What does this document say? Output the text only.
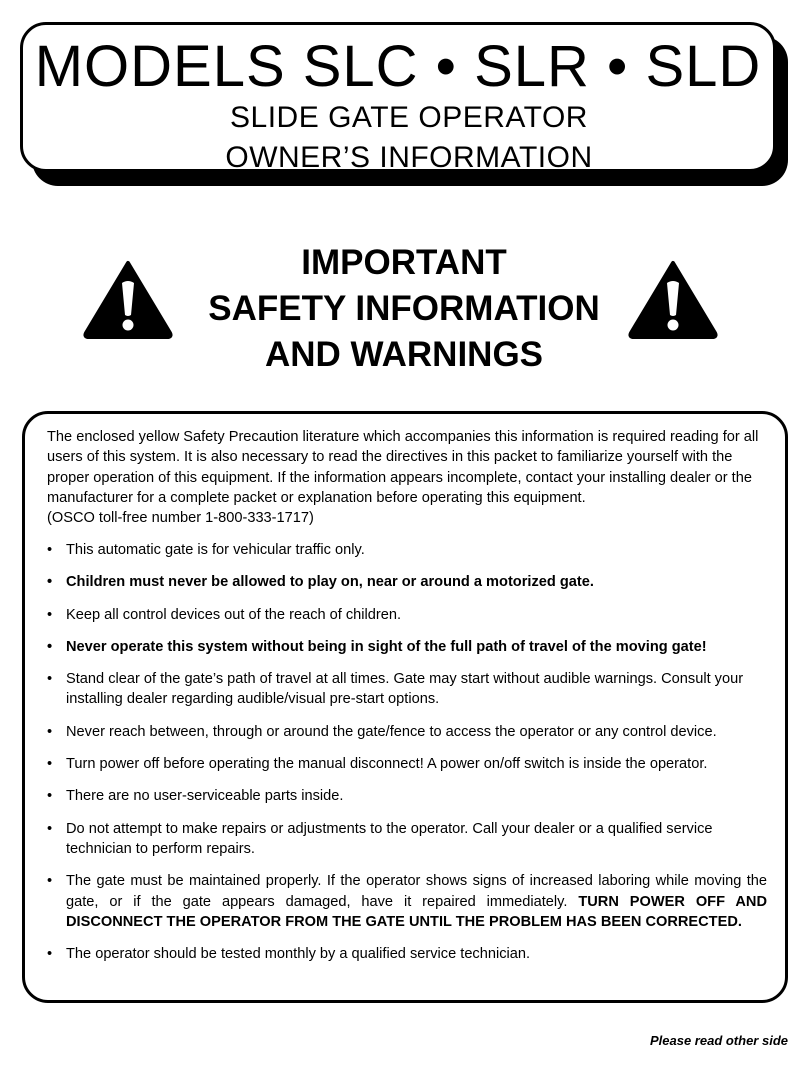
MODELS SLC • SLR • SLD
SLIDE GATE OPERATOR
OWNER’S INFORMATION
IMPORTANT
SAFETY INFORMATION
AND WARNINGS
The enclosed yellow Safety Precaution literature which accompanies this information is required reading for all users of this system. It is also necessary to read the directives in this packet to familiarize yourself with the proper operation of this equipment. If the information appears incomplete, contact your installing dealer or the manufacturer for a complete packet or explanation before operating this equipment.
(OSCO toll-free number 1-800-333-1717)
• This automatic gate is for vehicular traffic only.
• Children must never be allowed to play on, near or around a motorized gate.
• Keep all control devices out of the reach of children.
• Never operate this system without being in sight of the full path of travel of the moving gate!
• Stand clear of the gate’s path of travel at all times. Gate may start without audible warnings. Consult your installing dealer regarding audible/visual pre-start options.
• Never reach between, through or around the gate/fence to access the operator or any control device.
• Turn power off before operating the manual disconnect! A power on/off switch is inside the operator.
• There are no user-serviceable parts inside.
• Do not attempt to make repairs or adjustments to the operator. Call your dealer or a qualified service technician to perform repairs.
• The gate must be maintained properly. If the operator shows signs of increased laboring while moving the gate, or if the gate appears damaged, have it repaired immediately. TURN POWER OFF AND DISCONNECT THE OPERATOR FROM THE GATE UNTIL THE PROBLEM HAS BEEN CORRECTED.
• The operator should be tested monthly by a qualified service technician.
Please read other side
